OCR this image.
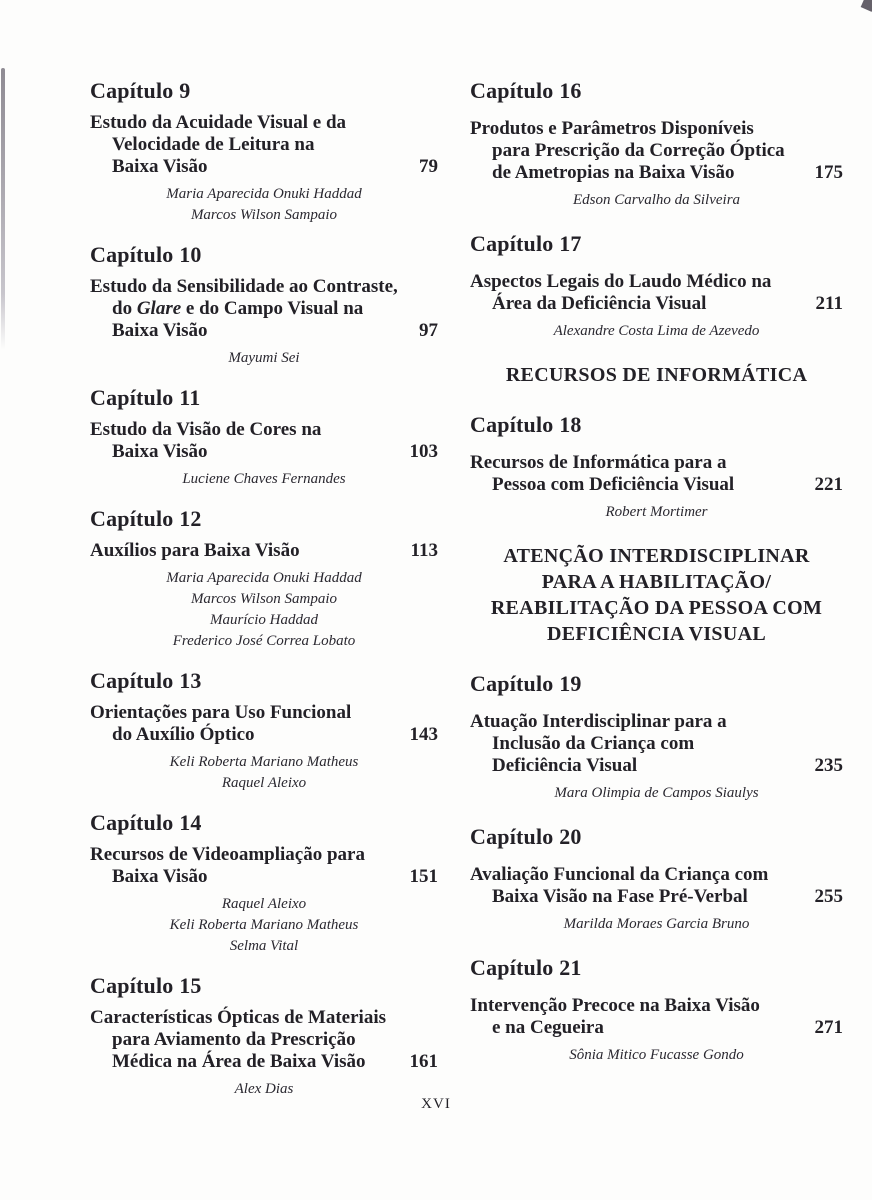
Capítulo 9
Estudo da Acuidade Visual e da
Velocidade de Leitura na
Baixa Visão	79
Maria Aparecida Onuki Haddad
Marcos Wilson Sampaio
Capítulo 10
Estudo da Sensibilidade ao Contraste,
do Glare e do Campo Visual na
Baixa Visão	97
Mayumi Sei
Capítulo 11
Estudo da Visão de Cores na
Baixa Visão	103
Luciene Chaves Fernandes
Capítulo 12
Auxílios para Baixa Visão	113
Maria Aparecida Onuki Haddad
Marcos Wilson Sampaio
Maurício Haddad
Frederico José Correa Lobato
Capítulo 13
Orientações para Uso Funcional
do Auxílio Óptico	143
Keli Roberta Mariano Matheus
Raquel Aleixo
Capítulo 14
Recursos de Videoampliação para
Baixa Visão	151
Raquel Aleixo
Keli Roberta Mariano Matheus
Selma Vital
Capítulo 15
Características Ópticas de Materiais
para Aviamento da Prescrição
Médica na Área de Baixa Visão	161
Alex Dias
Capítulo 16
Produtos e Parâmetros Disponíveis
para Prescrição da Correção Óptica
de Ametropias na Baixa Visão	175
Edson Carvalho da Silveira
Capítulo 17
Aspectos Legais do Laudo Médico na
Área da Deficiência Visual	211
Alexandre Costa Lima de Azevedo
RECURSOS DE INFORMÁTICA
Capítulo 18
Recursos de Informática para a
Pessoa com Deficiência Visual	221
Robert Mortimer
ATENÇÃO INTERDISCIPLINAR
PARA A HABILITAÇÃO/
REABILITAÇÃO DA PESSOA COM
DEFICIÊNCIA VISUAL
Capítulo 19
Atuação Interdisciplinar para a
Inclusão da Criança com
Deficiência Visual	235
Mara Olimpia de Campos Siaulys
Capítulo 20
Avaliação Funcional da Criança com
Baixa Visão na Fase Pré-Verbal	255
Marilda Moraes Garcia Bruno
Capítulo 21
Intervenção Precoce na Baixa Visão
e na Cegueira	271
Sônia Mitico Fucasse Gondo
XVI
